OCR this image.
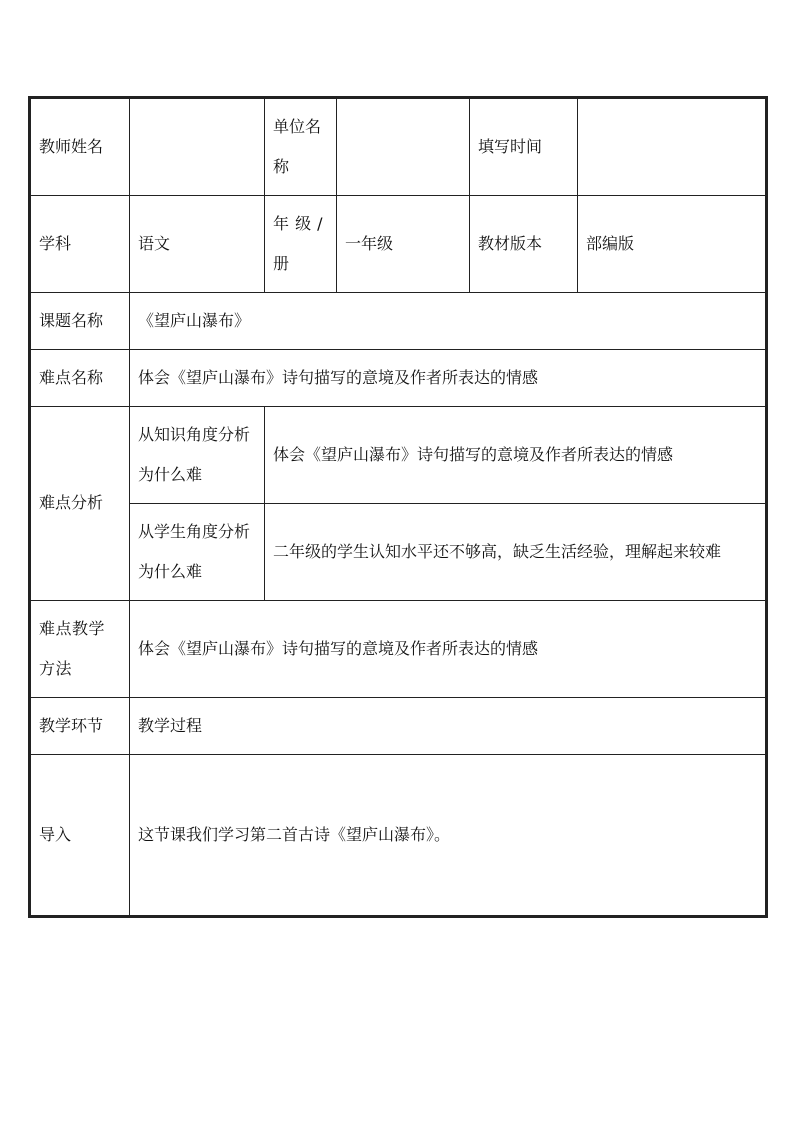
教师姓名		单位名称		填写时间	
学科	语文	年 级 / 册	一年级	教材版本	部编版
课题名称	《望庐山瀑布》				
难点名称	体会《望庐山瀑布》诗句描写的意境及作者所表达的情感				
难点分析	从知识角度分析为什么难	体会《望庐山瀑布》诗句描写的意境及作者所表达的情感			
	从学生角度分析为什么难	二年级的学生认知水平还不够高，缺乏生活经验，理解起来较难			
难点教学方法	体会《望庐山瀑布》诗句描写的意境及作者所表达的情感				
教学环节	教学过程				
导入	这节课我们学习第二首古诗《望庐山瀑布》。				
